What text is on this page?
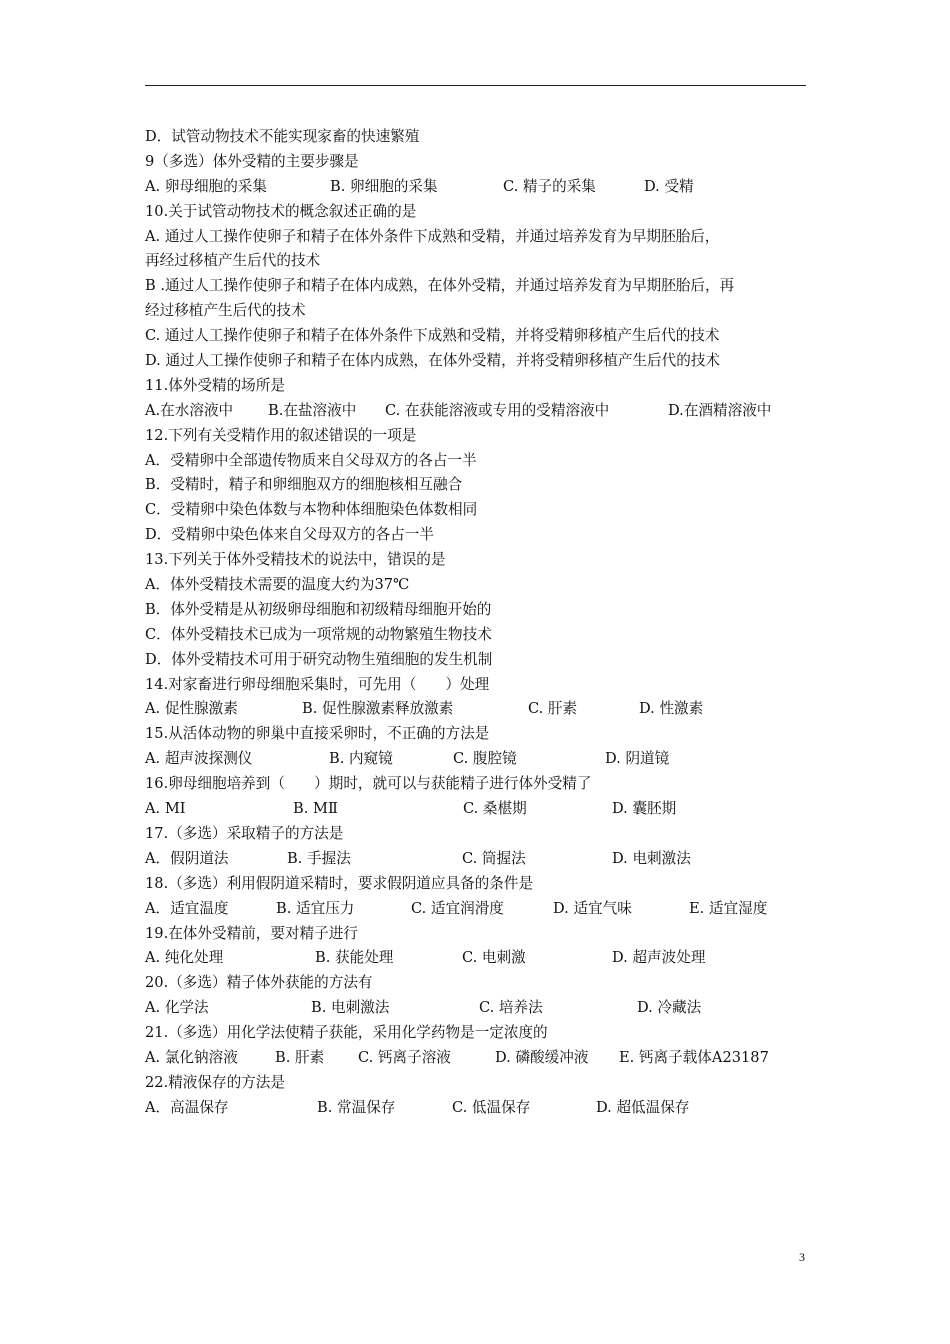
D．试管动物技术不能实现家畜的快速繁殖
9（多选）体外受精的主要步骤是
A. 卵母细胞的采集	B. 卵细胞的采集	C. 精子的采集	D. 受精
10.关于试管动物技术的概念叙述正确的是
A. 通过人工操作使卵子和精子在体外条件下成熟和受精，并通过培养发育为早期胚胎后，
再经过移植产生后代的技术
B .通过人工操作使卵子和精子在体内成熟，在体外受精，并通过培养发育为早期胚胎后，再
经过移植产生后代的技术
C. 通过人工操作使卵子和精子在体外条件下成熟和受精，并将受精卵移植产生后代的技术
D. 通过人工操作使卵子和精子在体内成熟，在体外受精，并将受精卵移植产生后代的技术
11.体外受精的场所是
A.在水溶液中 B.在盐溶液中 C. 在获能溶液或专用的受精溶液中	D.在酒精溶液中
12.下列有关受精作用的叙述错误的一项是
A．受精卵中全部遗传物质来自父母双方的各占一半
B．受精时，精子和卵细胞双方的细胞核相互融合
C．受精卵中染色体数与本物种体细胞染色体数相同
D．受精卵中染色体来自父母双方的各占一半
13.下列关于体外受精技术的说法中，错误的是
A．体外受精技术需要的温度大约为37℃
B．体外受精是从初级卵母细胞和初级精母细胞开始的
C．体外受精技术已成为一项常规的动物繁殖生物技术
D．体外受精技术可用于研究动物生殖细胞的发生机制
14.对家畜进行卵母细胞采集时，可先用（　　）处理
A. 促性腺激素	B. 促性腺激素释放激素	C. 肝素	D. 性激素
15.从活体动物的卵巢中直接采卵时，不正确的方法是
A. 超声波探测仪	B. 内窥镜	C. 腹腔镜	D. 阴道镜
16.卵母细胞培养到（　　）期时，就可以与获能精子进行体外受精了
A. MⅠ	B. MⅡ	C. 桑椹期	D. 囊胚期
17.（多选）采取精子的方法是
A．假阴道法	B. 手握法	C. 筒握法	D. 电刺激法
18.（多选）利用假阴道采精时，要求假阴道应具备的条件是
A．适宜温度	B. 适宜压力	C. 适宜润滑度	D. 适宜气味	E. 适宜湿度
19.在体外受精前，要对精子进行
A. 纯化处理	B. 获能处理	C. 电刺激	D. 超声波处理
20.（多选）精子体外获能的方法有
A. 化学法	B. 电刺激法	C. 培养法	D. 冷藏法
21.（多选）用化学法使精子获能，采用化学药物是一定浓度的
A. 氯化钠溶液	B. 肝素 C. 钙离子溶液	D. 磷酸缓冲液 E. 钙离子载体A23187
22.精液保存的方法是
A．高温保存	B. 常温保存	C. 低温保存	D. 超低温保存
3
